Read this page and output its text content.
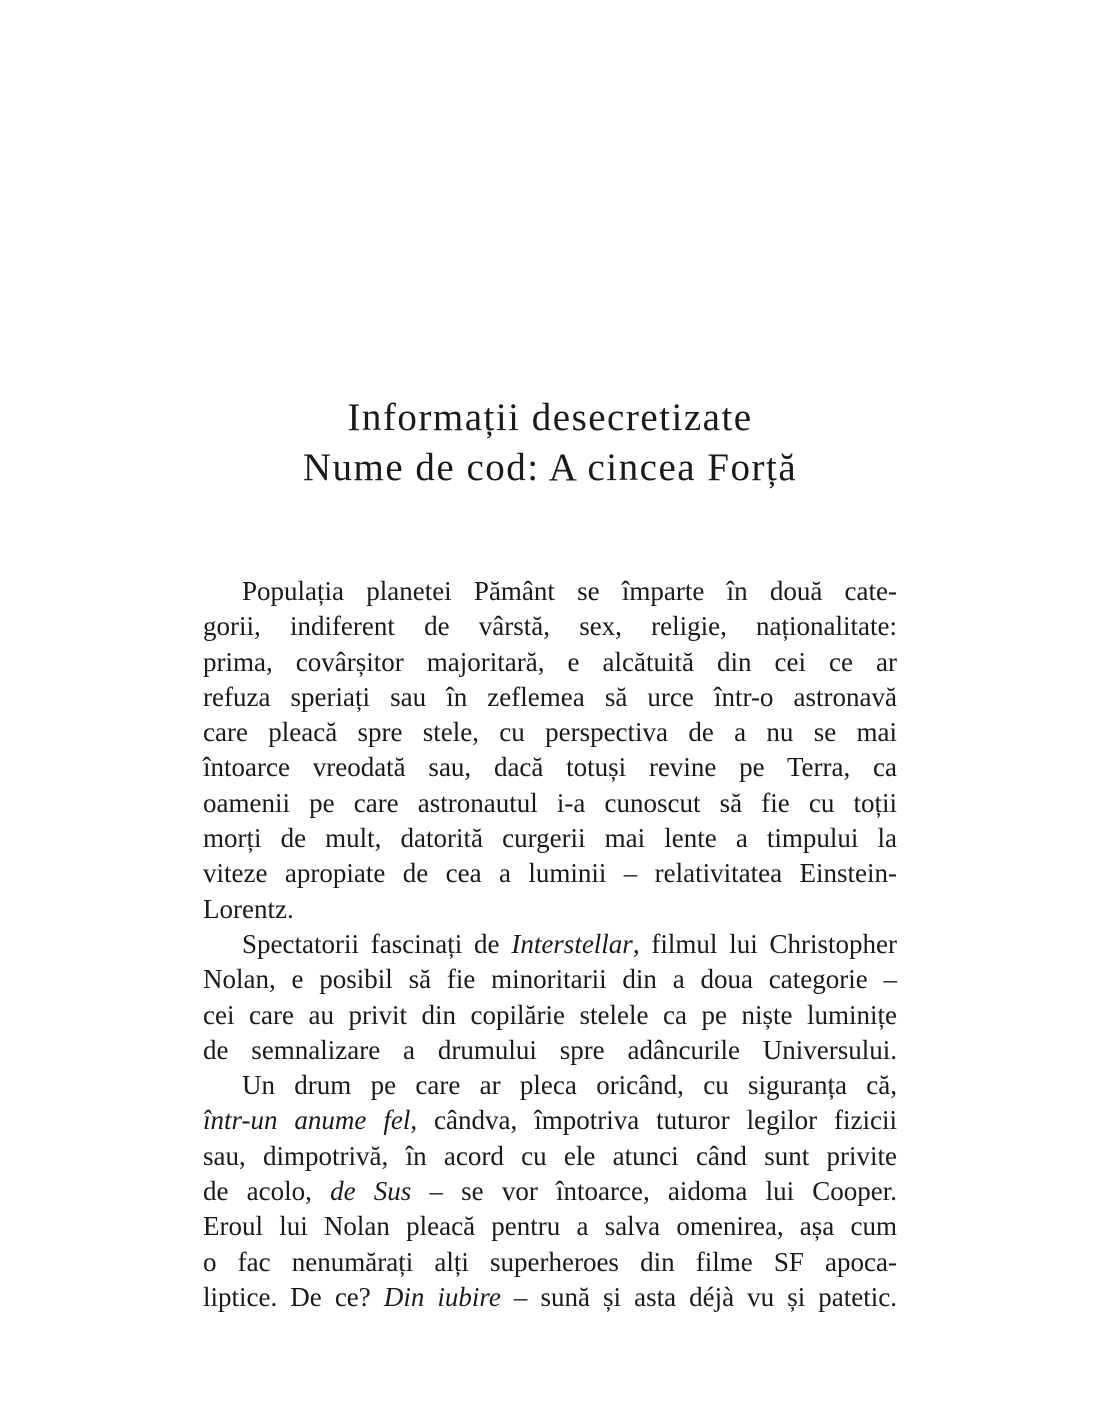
Informații desecretizate
Nume de cod: A cincea Forță
Populația planetei Pământ se împarte în două cate-
gorii, indiferent de vârstă, sex, religie, naționalitate:
prima, covârșitor majoritară, e alcătuită din cei ce ar
refuza speriați sau în zeflemea să urce într-o astronavă
care pleacă spre stele, cu perspectiva de a nu se mai
întoarce vreodată sau, dacă totuși revine pe Terra, ca
oamenii pe care astronautul i-a cunoscut să fie cu toții
morți de mult, datorită curgerii mai lente a timpului la
viteze apropiate de cea a luminii – relativitatea Einstein-
Lorentz.
Spectatorii fascinați de Interstellar, filmul lui Christopher
Nolan, e posibil să fie minoritarii din a doua categorie –
cei care au privit din copilărie stelele ca pe niște luminițe
de semnalizare a drumului spre adâncurile Universului.
Un drum pe care ar pleca oricând, cu siguranța că,
într-un anume fel, cândva, împotriva tuturor legilor fizicii
sau, dimpotrivă, în acord cu ele atunci când sunt privite
de acolo, de Sus – se vor întoarce, aidoma lui Cooper.
Eroul lui Nolan pleacă pentru a salva omenirea, așa cum
o fac nenumărați alți superheroes din filme SF apoca-
liptice. De ce? Din iubire – sună și asta déjà vu și patetic.
